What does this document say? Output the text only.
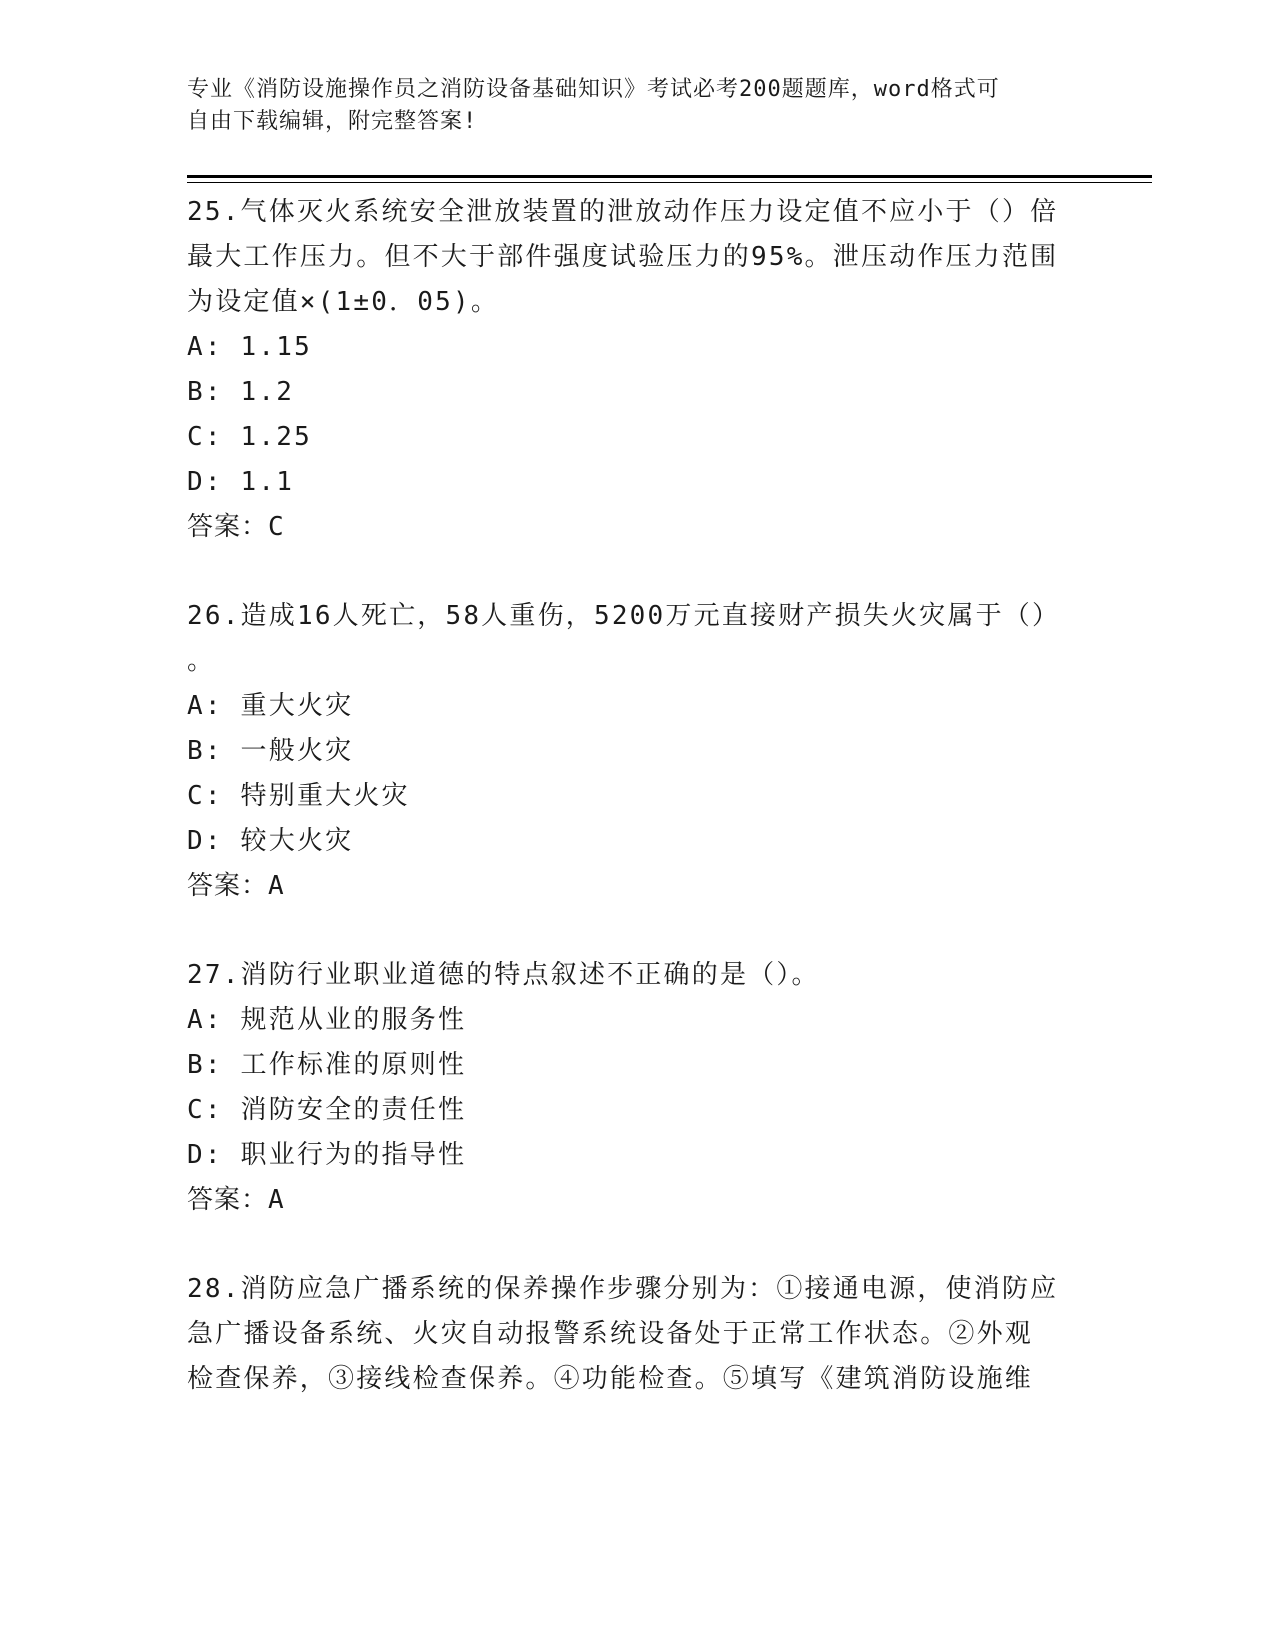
专业《消防设施操作员之消防设备基础知识》考试必考200题题库，word格式可
自由下载编辑，附完整答案!

25.气体灭火系统安全泄放装置的泄放动作压力设定值不应小于（）倍

最大工作压力。但不大于部件强度试验压力的95%。泄压动作压力范围

为设定值×(1±0．05)。

A: 1.15

B: 1.2

C: 1.25

D: 1.1

答案：C

26.造成16人死亡，58人重伤，5200万元直接财产损失火灾属于（）

。

A: 重大火灾

B: 一般火灾

C: 特别重大火灾

D: 较大火灾

答案：A

27.消防行业职业道德的特点叙述不正确的是（）。

A: 规范从业的服务性

B: 工作标准的原则性

C: 消防安全的责任性

D: 职业行为的指导性

答案：A

28.消防应急广播系统的保养操作步骤分别为：①接通电源，使消防应

急广播设备系统、火灾自动报警系统设备处于正常工作状态。②外观

检查保养，③接线检查保养。④功能检查。⑤填写《建筑消防设施维
